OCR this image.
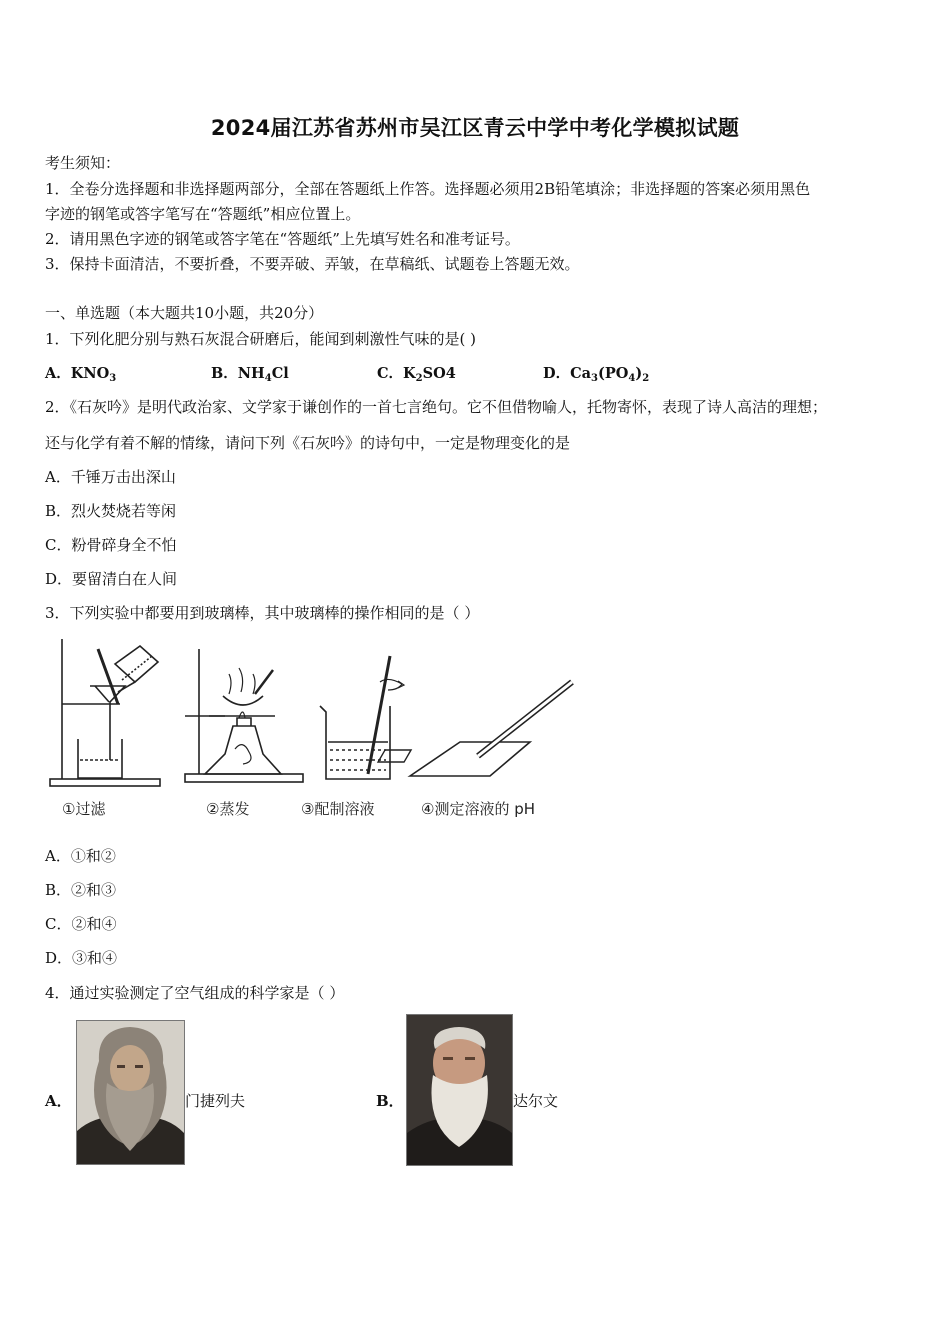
2024届江苏省苏州市吴江区青云中学中考化学模拟试题
考生须知：
1．全卷分选择题和非选择题两部分，全部在答题纸上作答。选择题必须用2B铅笔填涂；非选择题的答案必须用黑色
字迹的钢笔或答字笔写在“答题纸”相应位置上。
2．请用黑色字迹的钢笔或答字笔在“答题纸”上先填写姓名和准考证号。
3．保持卡面清洁，不要折叠，不要弄破、弄皱，在草稿纸、试题卷上答题无效。
一、单选题（本大题共10小题，共20分）
1．下列化肥分别与熟石灰混合研磨后，能闻到刺激性气味的是( )
A．$KNO_3$	B．$NH_4Cl$	C．$K_2SO4$	D．$Ca_3(PO_4)_2$
2．《石灰吟》是明代政治家、文学家于谦创作的一首七言绝句。它不但借物喻人，托物寄怀，表现了诗人高洁的理想；
还与化学有着不解的情缘，请问下列《石灰吟》的诗句中，一定是物理变化的是
A．千锤万击出深山
B．烈火焚烧若等闲
C．粉骨碎身全不怕
D．要留清白在人间
3．下列实验中都要用到玻璃棒，其中玻璃棒的操作相同的是（ ）
①过滤	②蒸发	③配制溶液	④测定溶液的 pH
A．①和②
B．②和③
C．②和④
D．③和④
4．通过实验测定了空气组成的科学家是（ ）
A．	门捷列夫	B．	达尔文
